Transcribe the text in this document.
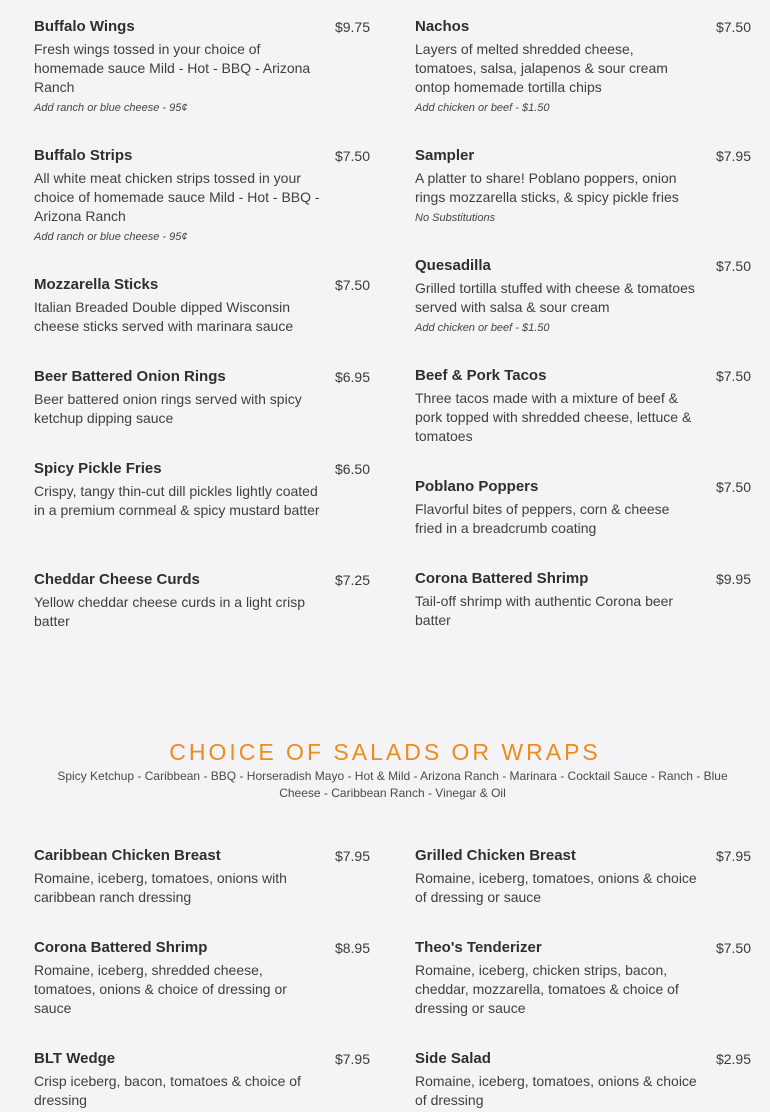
Buffalo Wings	$9.75
Fresh wings tossed in your choice of homemade sauce Mild - Hot - BBQ - Arizona Ranch
Add ranch or blue cheese - 95¢
Buffalo Strips	$7.50
All white meat chicken strips tossed in your choice of homemade sauce Mild - Hot - BBQ - Arizona Ranch
Add ranch or blue cheese - 95¢
Mozzarella Sticks	$7.50
Italian Breaded Double dipped Wisconsin cheese sticks served with marinara sauce
Beer Battered Onion Rings	$6.95
Beer battered onion rings served with spicy ketchup dipping sauce
Spicy Pickle Fries	$6.50
Crispy, tangy thin-cut dill pickles lightly coated in a premium cornmeal & spicy mustard batter
Cheddar Cheese Curds	$7.25
Yellow cheddar cheese curds in a light crisp batter
Nachos	$7.50
Layers of melted shredded cheese, tomatoes, salsa, jalapenos & sour cream ontop homemade tortilla chips
Add chicken or beef - $1.50
Sampler	$7.95
A platter to share! Poblano poppers, onion rings mozzarella sticks, & spicy pickle fries
No Substitutions
Quesadilla	$7.50
Grilled tortilla stuffed with cheese & tomatoes served with salsa & sour cream
Add chicken or beef - $1.50
Beef & Pork Tacos	$7.50
Three tacos made with a mixture of beef & pork topped with shredded cheese, lettuce & tomatoes
Poblano Poppers	$7.50
Flavorful bites of peppers, corn & cheese fried in a breadcrumb coating
Corona Battered Shrimp	$9.95
Tail-off shrimp with authentic Corona beer batter
CHOICE OF SALADS OR WRAPS
Spicy Ketchup - Caribbean - BBQ - Horseradish Mayo - Hot & Mild - Arizona Ranch - Marinara - Cocktail Sauce - Ranch - Blue Cheese - Caribbean Ranch - Vinegar & Oil
Caribbean Chicken Breast	$7.95
Romaine, iceberg, tomatoes, onions with caribbean ranch dressing
Corona Battered Shrimp	$8.95
Romaine, iceberg, shredded cheese, tomatoes, onions & choice of dressing or sauce
BLT Wedge	$7.95
Crisp iceberg, bacon, tomatoes & choice of dressing
Grilled Chicken Breast	$7.95
Romaine, iceberg, tomatoes, onions & choice of dressing or sauce
Theo's Tenderizer	$7.50
Romaine, iceberg, chicken strips, bacon, cheddar, mozzarella, tomatoes & choice of dressing or sauce
Side Salad	$2.95
Romaine, iceberg, tomatoes, onions & choice of dressing
